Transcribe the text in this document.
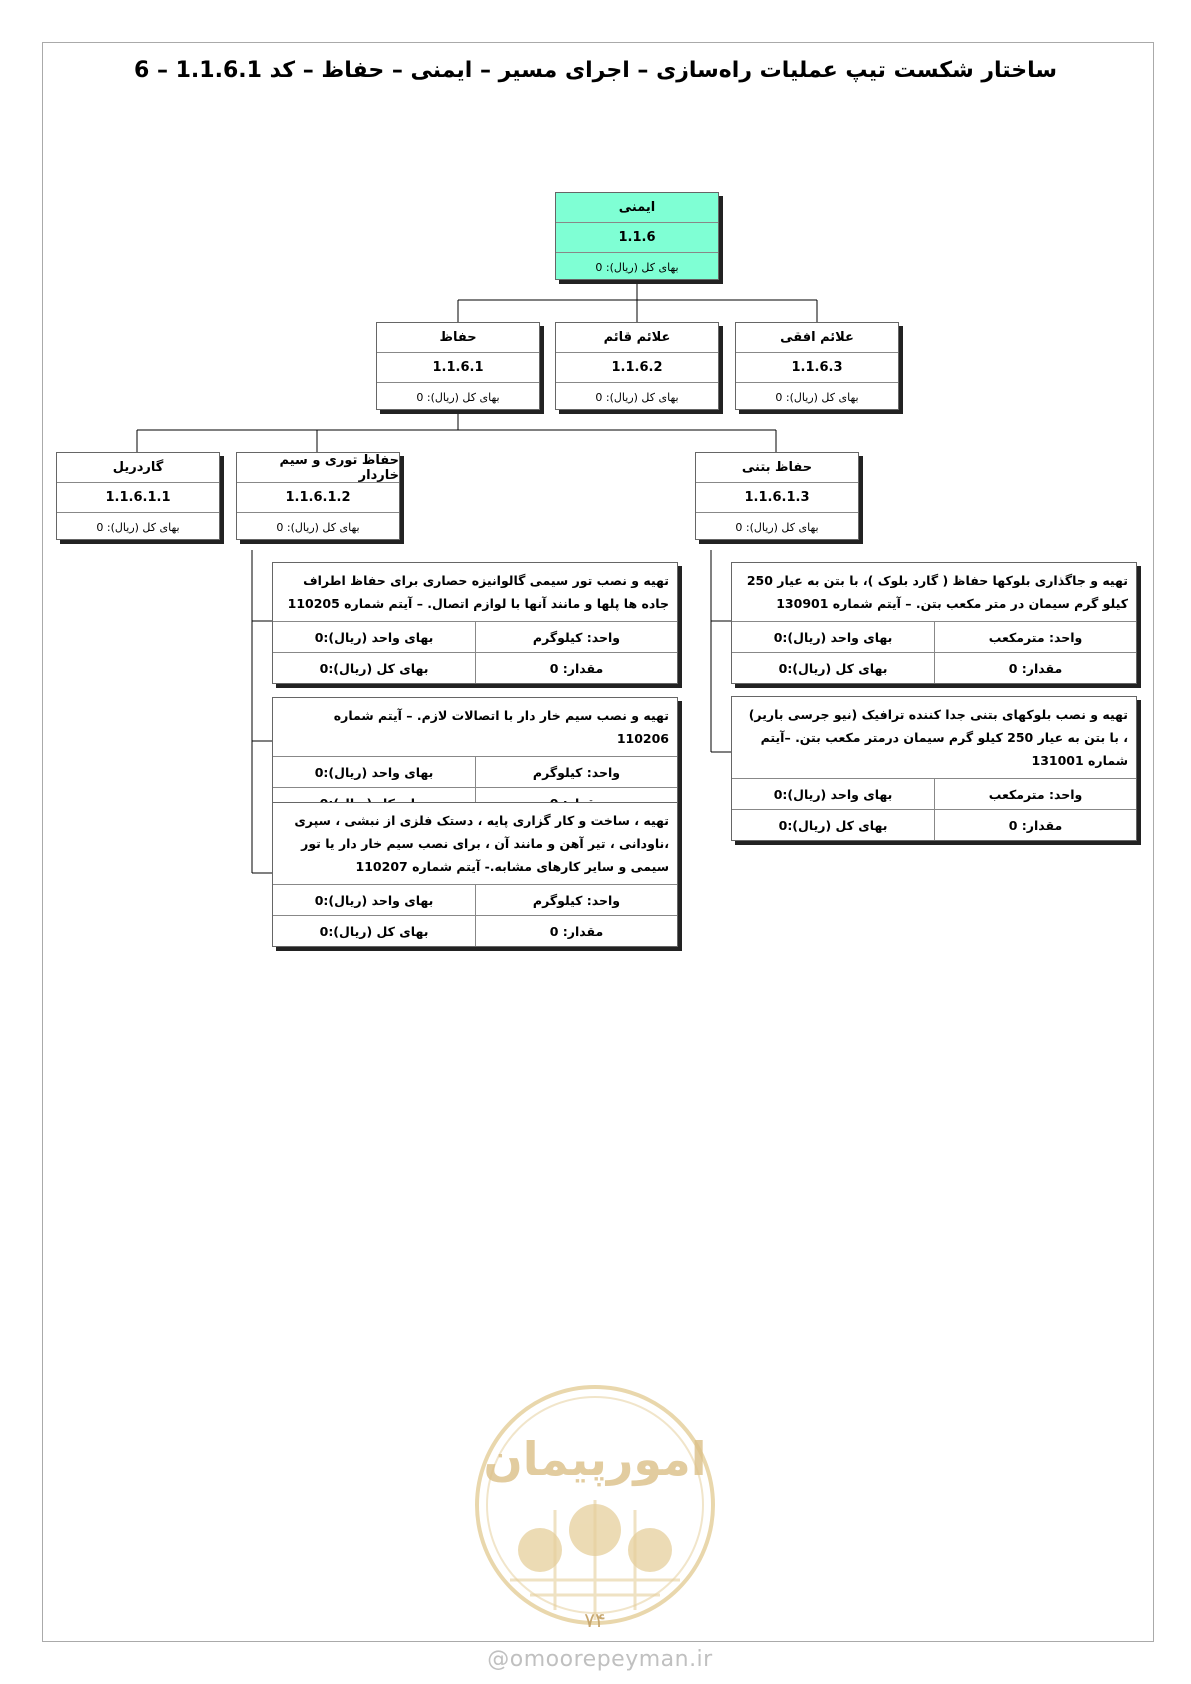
ساختار شکست تیپ عملیات راه‌سازی – اجرای مسیر – ایمنی – حفاظ – کد 1.1.6.1 – 6
ایمنی
1.1.6
بهای کل (ریال): 0
حفاظ
1.1.6.1
بهای کل (ریال): 0
علائم قائم
1.1.6.2
بهای کل (ریال): 0
علائم افقی
1.1.6.3
بهای کل (ریال): 0
گاردریل
1.1.6.1.1
بهای کل (ریال): 0
حفاظ توری و سیم خاردار
1.1.6.1.2
بهای کل (ریال): 0
حفاظ بتنی
1.1.6.1.3
بهای کل (ریال): 0
تهیه و نصب تور سیمی گالوانیزه حصاری برای حفاظ اطراف جاده ها پلها و مانند آنها با لوازم اتصال. – آیتم شماره 110205
واحد: کیلوگرم
بهای واحد (ریال):0
مقدار: 0
بهای کل (ریال):0
تهیه و نصب سیم خار دار با اتصالات لازم. – آیتم شماره 110206
واحد: کیلوگرم
بهای واحد (ریال):0
تهیه ، ساخت و کار گزاری پایه ، دستک فلزی از نبشی ، سپری ،ناودانی ، تیر آهن و مانند آن ، برای نصب سیم خار دار یا تور سیمی و سایر کارهای مشابه.- آیتم شماره 110207
واحد: کیلوگرم
بهای واحد (ریال):0
مقدار: 0
بهای کل (ریال):0
تهیه و جاگذاری بلوکها حفاظ ( گارد بلوک )، با بتن به عیار 250 کیلو گرم سیمان در متر مکعب بتن. – آیتم شماره 130901
واحد: مترمکعب
بهای واحد (ریال):0
مقدار: 0
بهای کل (ریال):0
تهیه و نصب بلوکهای بتنی جدا کننده ترافیک (نیو جرسی باریر) ، با بتن به عیار 250 کیلو گرم سیمان درمتر مکعب بتن. –آیتم شماره 131001
واحد: مترمکعب
بهای واحد (ریال):0
مقدار: 0
بهای کل (ریال):0
امورپیمان
۷۴
@omoorepeyman.ir
